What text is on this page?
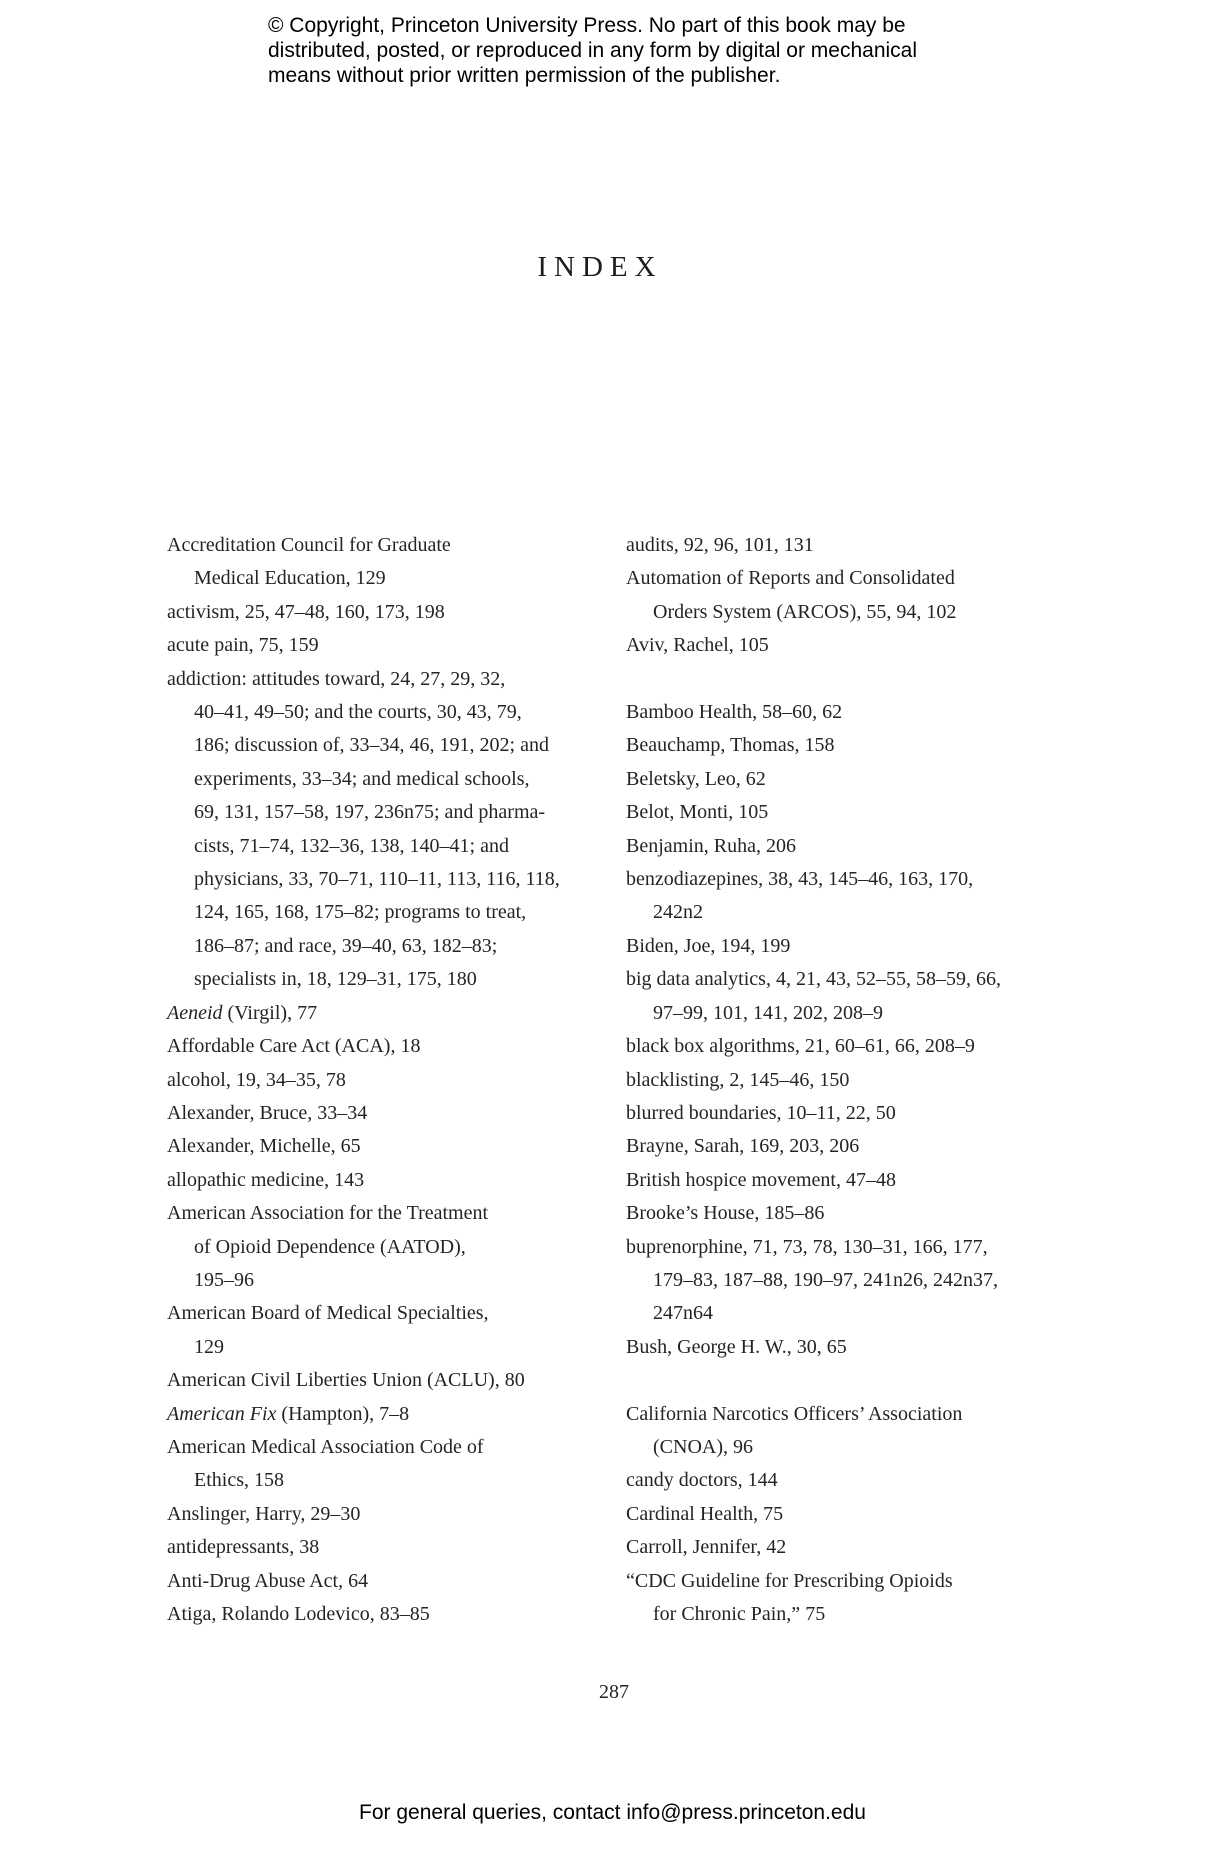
© Copyright, Princeton University Press. No part of this book may be
distributed, posted, or reproduced in any form by digital or mechanical
means without prior written permission of the publisher.
INDEX
Accreditation Council for Graduate
Medical Education, 129
activism, 25, 47–48, 160, 173, 198
acute pain, 75, 159
addiction: attitudes toward, 24, 27, 29, 32,
40–41, 49–50; and the courts, 30, 43, 79,
186; discussion of, 33–34, 46, 191, 202; and
experiments, 33–34; and medical schools,
69, 131, 157–58, 197, 236n75; and pharma-
cists, 71–74, 132–36, 138, 140–41; and
physicians, 33, 70–71, 110–11, 113, 116, 118,
124, 165, 168, 175–82; programs to treat,
186–87; and race, 39–40, 63, 182–83;
specialists in, 18, 129–31, 175, 180
Aeneid (Virgil), 77
Affordable Care Act (ACA), 18
alcohol, 19, 34–35, 78
Alexander, Bruce, 33–34
Alexander, Michelle, 65
allopathic medicine, 143
American Association for the Treatment
of Opioid Dependence (AATOD),
195–96
American Board of Medical Specialties,
129
American Civil Liberties Union (ACLU), 80
American Fix (Hampton), 7–8
American Medical Association Code of
Ethics, 158
Anslinger, Harry, 29–30
antidepressants, 38
Anti-Drug Abuse Act, 64
Atiga, Rolando Lodevico, 83–85
audits, 92, 96, 101, 131
Automation of Reports and Consolidated
Orders System (ARCOS), 55, 94, 102
Aviv, Rachel, 105

Bamboo Health, 58–60, 62
Beauchamp, Thomas, 158
Beletsky, Leo, 62
Belot, Monti, 105
Benjamin, Ruha, 206
benzodiazepines, 38, 43, 145–46, 163, 170,
242n2
Biden, Joe, 194, 199
big data analytics, 4, 21, 43, 52–55, 58–59, 66,
97–99, 101, 141, 202, 208–9
black box algorithms, 21, 60–61, 66, 208–9
blacklisting, 2, 145–46, 150
blurred boundaries, 10–11, 22, 50
Brayne, Sarah, 169, 203, 206
British hospice movement, 47–48
Brooke’s House, 185–86
buprenorphine, 71, 73, 78, 130–31, 166, 177,
179–83, 187–88, 190–97, 241n26, 242n37,
247n64
Bush, George H. W., 30, 65

California Narcotics Officers’ Association
(CNOA), 96
candy doctors, 144
Cardinal Health, 75
Carroll, Jennifer, 42
“CDC Guideline for Prescribing Opioids
for Chronic Pain,” 75
287
For general queries, contact info@press.princeton.edu
